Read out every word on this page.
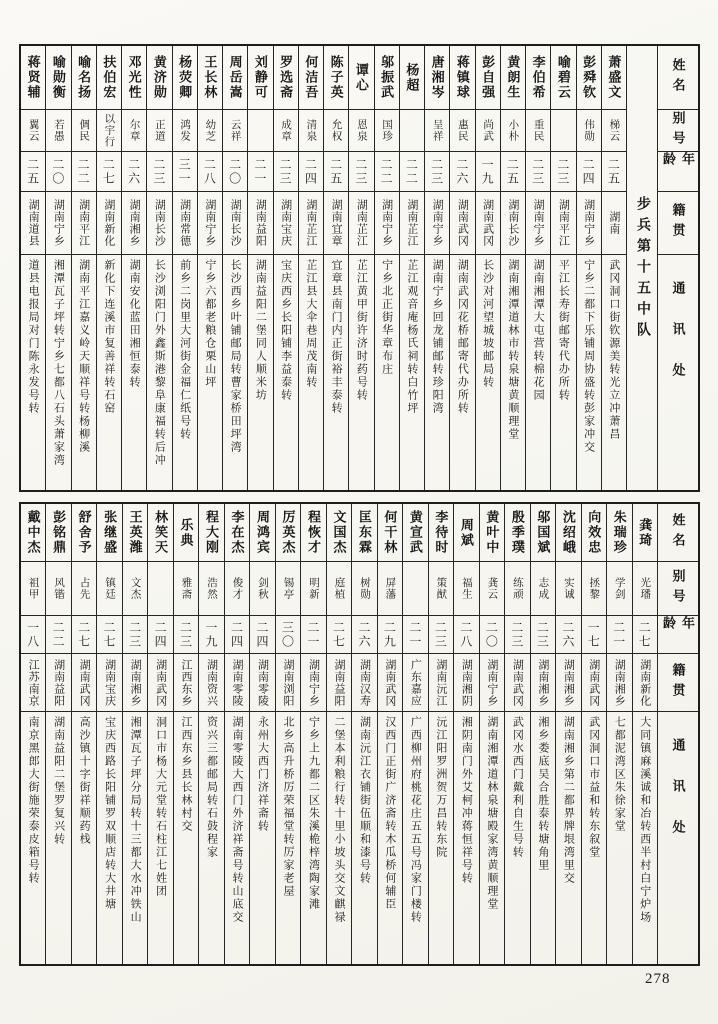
姓名
别号
年龄
籍贯
通讯处
步兵第十五中队
萧盛文
梯云
二五
湖南
武冈洞口街钦源美转光立冲萧昌
彭舜钦
伟勋
二四
湖南宁乡
宁乡二都下乐铺周协盛转彭家冲交
喻碧云
二三
湖南平江
平江长寿街邮寄代办所转
李伯希
重民
二三
湖南宁乡
湖南湘潭大屯营转棉花园
黄朗生
小朴
二五
湖南长沙
湖南湘潭道林市转泉塘黄顺理堂
彭自强
尚武
一九
湖南武冈
长沙对河望城坡邮局转
蒋镇球
惠民
二六
湖南武冈
湖南武冈花桥邮寄代办所转
唐湘岑
呈祥
二三
湖南宁乡
湖南宁乡回龙铺邮转珍阳湾
杨超
二二
湖南芷江
芷江观音庵杨氏祠转白竹坪
邬振武
国珍
二二
湖南宁乡
宁乡北正街华章布庄
谭心
恩泉
二三
湖南芷江
芷江黄甲街许济时药号转
陈子英
允权
二五
湖南宜章
宜章县南门内正街裕丰泰转
何洁吾
清泉
二四
湖南芷江
芷江县大伞巷周茂南转
罗选斋
成章
二三
湖南宝庆
宝庆西乡长阳铺李益泰转
刘静可
二一
湖南益阳
湖南益阳二堡同人顺米坊
周岳嵩
云祥
二〇
湖南长沙
长沙西乡叶铺邮局转曹家桥田坪湾
王长林
幼芝
二八
湖南宁乡
宁乡六都老粮仓栗山坪
杨荧卿
鸿发
三一
湖南常德
前乡二岗里大河街金福仁纸号转
黄济勋
正道
二三
湖南长沙
长沙浏阳门外鑫斯港黎阜康福转后冲
邓光性
尔章
二六
湖南湘乡
湖南安化蓝田湘恒泰转
扶伯宏
以宇行
二七
湖南新化
新化下连溪市复善祥转石窑
喻名扬
倜民
二二
湖南平江
湖南平江嘉义岭天顺祥号转杨柳溪
喻勋衡
若愚
二〇
湖南宁乡
湘潭瓦子坪转宁乡七都八石头萧家湾
蒋贤辅
翼云
二五
湖南道县
道县电报局对门陈永发号转
姓名
别号
年龄
籍贯
通讯处
龚琦
光璠
二七
湖南新化
大同镇麻溪诚和冶转西半村白宁炉场
朱瑞珍
学剑
二一
湖南湘乡
七都泥湾区朱徐家堂
向效忠
拯黎
一七
湖南武冈
武冈洞口市益和转东叙堂
沈绍峨
实诚
二六
湖南湘乡
湖南湘乡第二都界牌垠湾里交
邬国斌
志成
二三
湖南湘乡
湘乡娄底吴合胜泰转塘角里
殷季璞
练顽
二三
湖南武冈
武冈水西门戴利自生号转
黄叶中
龚云
二〇
湖南宁乡
湖南湘潭道林泉塘殿家湾黄顺理堂
周斌
福生
二八
湖南湘阴
湘阴南门外艾柯冲蒋恒祥号转
李待时
策猷
二三
湖南沅江
沅江阳罗洲贺万昌转东院
黄宣武
二一
广东嘉应
广西柳州府桃花庄五五号冯家门楼转
何干林
屏藩
二九
湖南武冈
汉西门正街广济斋转木瓜桥何辅臣
匡东霖
树勋
二六
湖南汉寿
湖南沅江衣铺街伍顺和漆号转
文国杰
庭植
二七
湖南益阳
二堡本利粮行转十里小坡头交文麒禄
程恢才
明新
二一
湖南宁乡
宁乡上九都二区朱溪桅梓湾陶家滩
厉英杰
锡亭
三〇
湖南浏阳
北乡高升桥厉荣福堂转厉家老屋
周鸿宾
剑秋
二四
湖南零陵
永州大西门济祥斋转
李在杰
俊才
二四
湖南零陵
湖南零陵大西门外济祥斋号转山底交
程大刚
浩然
一九
湖南资兴
资兴三都邮局转石鼓程家
乐典
雅斋
二三
江西东乡
江西东乡县长林村交
林笑天
二四
湖南武冈
洞口市杨大元堂转石柱江七姓团
王英潍
文杰
二三
湖南湘乡
湘潭瓦子坪分局转十三都大水冲铁山
张继盛
镇廷
二七
湖南宝庆
宝庆西路长阳铺罗双顺店转大井塘
舒舍予
占先
二七
湖南武冈
高沙镇十字街祥顺药栈
彭铭鼎
风锴
二二
湖南益阳
湖南益阳二堡罗复兴转
戴中杰
祖甲
一八
江苏南京
南京黑郎大街施荣泰皮箱号转
278
